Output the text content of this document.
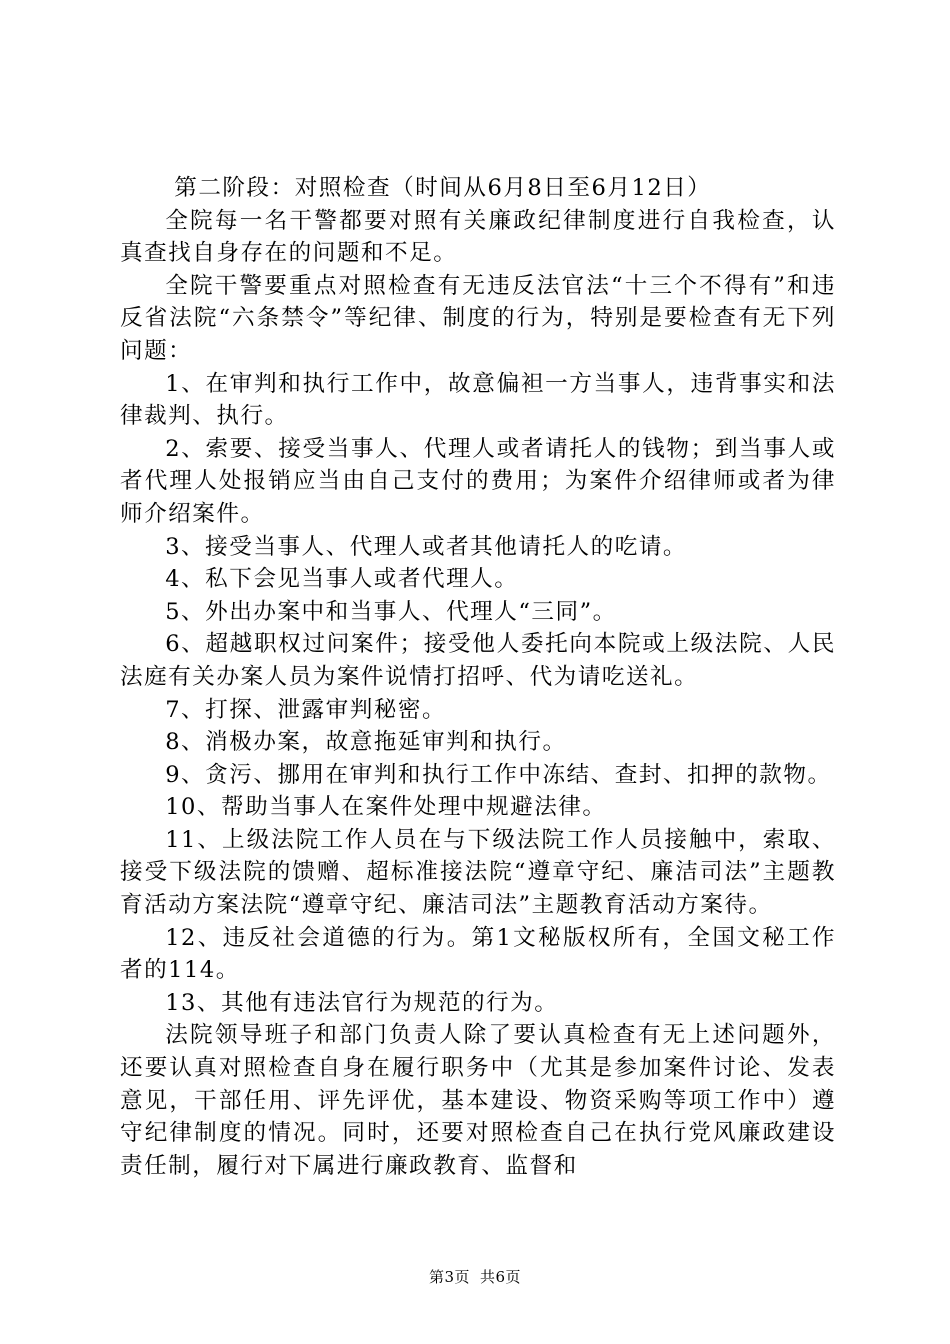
第二阶段：对照检查（时间从6月8日至6月12日）

全院每一名干警都要对照有关廉政纪律制度进行自我检查，认真查找自身存在的问题和不足。

全院干警要重点对照检查有无违反法官法“十三个不得有”和违反省法院“六条禁令”等纪律、制度的行为，特别是要检查有无下列问题：

1、在审判和执行工作中，故意偏袒一方当事人，违背事实和法律裁判、执行。

2、索要、接受当事人、代理人或者请托人的钱物；到当事人或者代理人处报销应当由自己支付的费用；为案件介绍律师或者为律师介绍案件。

3、接受当事人、代理人或者其他请托人的吃请。

4、私下会见当事人或者代理人。

5、外出办案中和当事人、代理人“三同”。

6、超越职权过问案件；接受他人委托向本院或上级法院、人民法庭有关办案人员为案件说情打招呼、代为请吃送礼。

7、打探、泄露审判秘密。

8、消极办案，故意拖延审判和执行。

9、贪污、挪用在审判和执行工作中冻结、查封、扣押的款物。

10、帮助当事人在案件处理中规避法律。

11、上级法院工作人员在与下级法院工作人员接触中，索取、接受下级法院的馈赠、超标准接法院“遵章守纪、廉洁司法”主题教育活动方案法院“遵章守纪、廉洁司法”主题教育活动方案待。

12、违反社会道德的行为。第1文秘版权所有，全国文秘工作者的114。

13、其他有违法官行为规范的行为。

法院领导班子和部门负责人除了要认真检查有无上述问题外，还要认真对照检查自身在履行职务中（尤其是参加案件讨论、发表意见，干部任用、评先评优，基本建设、物资采购等项工作中）遵守纪律制度的情况。同时，还要对照检查自己在执行党风廉政建设责任制，履行对下属进行廉政教育、监督和

第3页 共6页
